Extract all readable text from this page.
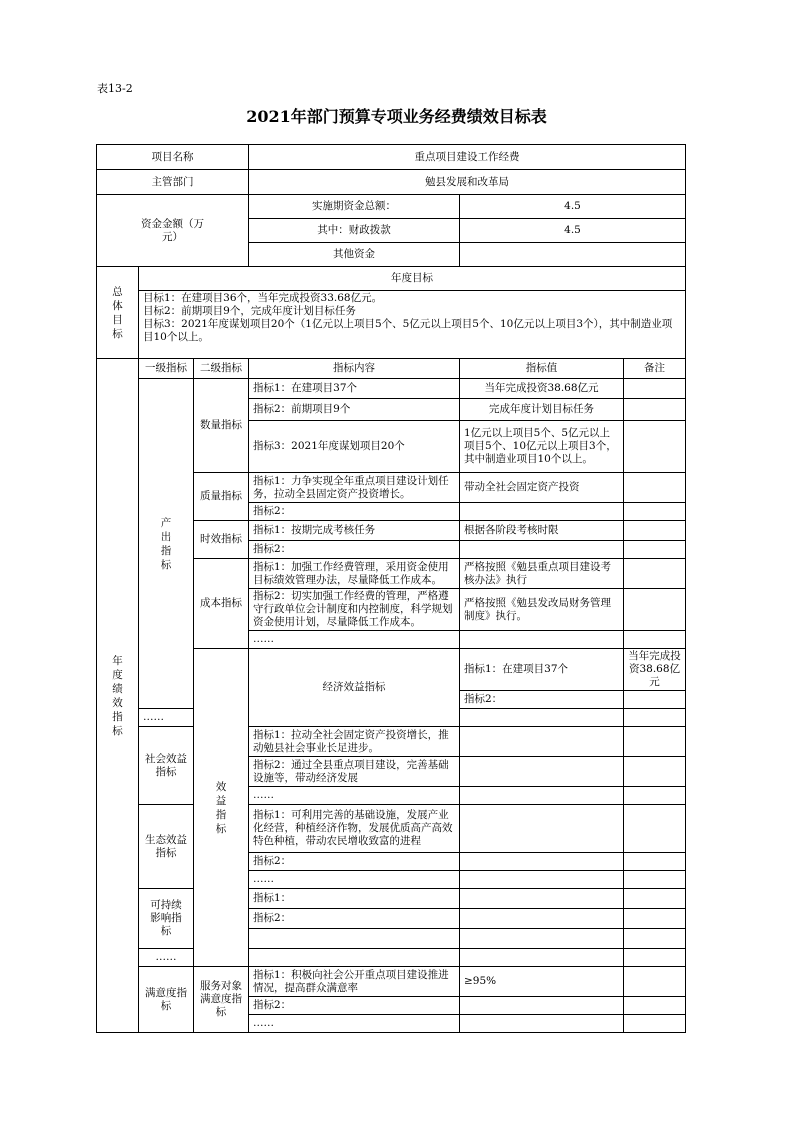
表13-2
2021年部门预算专项业务经费绩效目标表
项目名称			重点项目建设工作经费			
主管部门			勉县发展和改革局			
资金金额（万元）			实施期资金总额：	4.5		
			其中：财政拨款	4.5		
			其他资金			
总体目标	年度目标					
	目标1：在建项目36个，当年完成投资33.68亿元。
目标2：前期项目9个，完成年度计划目标任务
目标3：2021年度谋划项目20个（1亿元以上项目5个、5亿元以上项目5个、10亿元以上项目3个），其中制造业项目10个以上。					
年度绩效指标	一级指标	二级指标	指标内容	指标值	备注	
	产出指标	数量指标	指标1：在建项目37个	当年完成投资38.68亿元		
			指标2：前期项目9个	完成年度计划目标任务		
			指标3：2021年度谋划项目20个	1亿元以上项目5个、5亿元以上项目5个、10亿元以上项目3个，其中制造业项目10个以上。		
		质量指标	指标1：力争实现全年重点项目建设计划任务，拉动全县固定资产投资增长。	带动全社会固定资产投资		
			指标2：			
		时效指标	指标1：按期完成考核任务	根据各阶段考核时限		
			指标2：			
		成本指标	指标1：加强工作经费管理，采用资金使用目标绩效管理办法，尽量降低工作成本。	严格按照《勉县重点项目建设考核办法》执行		
			指标2：切实加强工作经费的管理，严格遵守行政单位会计制度和内控制度，科学规划资金使用计划，尽量降低工作成本。	严格按照《勉县发改局财务管理制度》执行。		
			……			
		效益指标	经济效益指标	指标1：在建项目37个	当年完成投资38.68亿元	
				指标2：		
	……					
	社会效益指标		指标1：拉动全社会固定资产投资增长，推动勉县社会事业长足进步。			
			指标2：通过全县重点项目建设，完善基础设施等，带动经济发展			
			……			
	生态效益指标		指标1：可利用完善的基础设施，发展产业化经营，种植经济作物，发展优质高产高效特色种植，带动农民增收致富的进程			
			指标2：			
			……			
	可持续影响指标		指标1：			
			指标2：			

	……					
	满意度指标	服务对象满意度指标	指标1：积极向社会公开重点项目建设推进情况，提高群众满意率	≥95%		
			指标2：			
			……			
